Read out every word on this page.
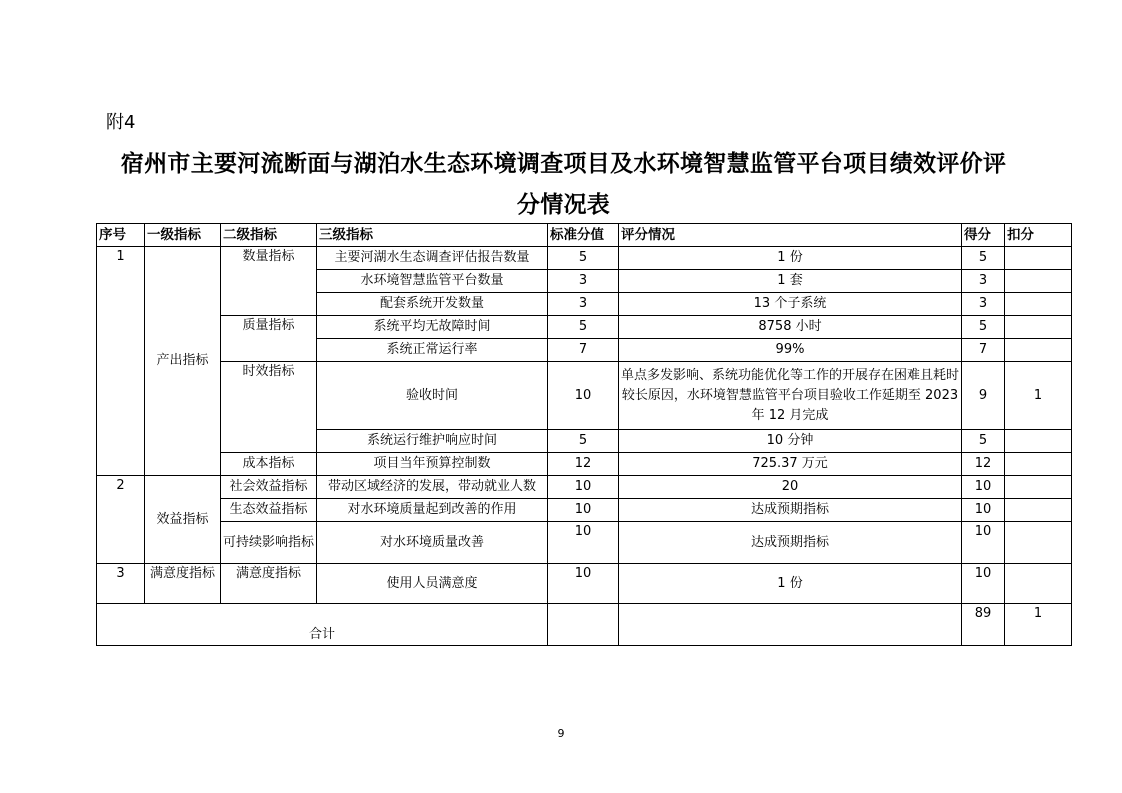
附4
宿州市主要河流断面与湖泊水生态环境调查项目及水环境智慧监管平台项目绩效评价评
分情况表
序号	一级指标	二级指标	三级指标	标准分值	评分情况	得分	扣分
1	产出指标	数量指标	主要河湖水生态调查评估报告数量	5	1 份	5	
			水环境智慧监管平台数量	3	1 套	3	
			配套系统开发数量	3	13 个子系统	3	
		质量指标	系统平均无故障时间	5	8758 小时	5	
			系统正常运行率	7	99%	7	
		时效指标	验收时间	10	单点多发影响、系统功能优化等工作的开展存在困难且耗时较长原因，水环境智慧监管平台项目验收工作延期至 2023 年 12 月完成	9	1
			系统运行维护响应时间	5	10 分钟	5	
		成本指标	项目当年预算控制数	12	725.37 万元	12	
2	效益指标	社会效益指标	带动区域经济的发展，带动就业人数	10	20	10	
		生态效益指标	对水环境质量起到改善的作用	10	达成预期指标	10	
		可持续影响指标	对水环境质量改善	10	达成预期指标	10	
3	满意度指标	满意度指标	使用人员满意度	10	1 份	10	
合计						89	1
9
